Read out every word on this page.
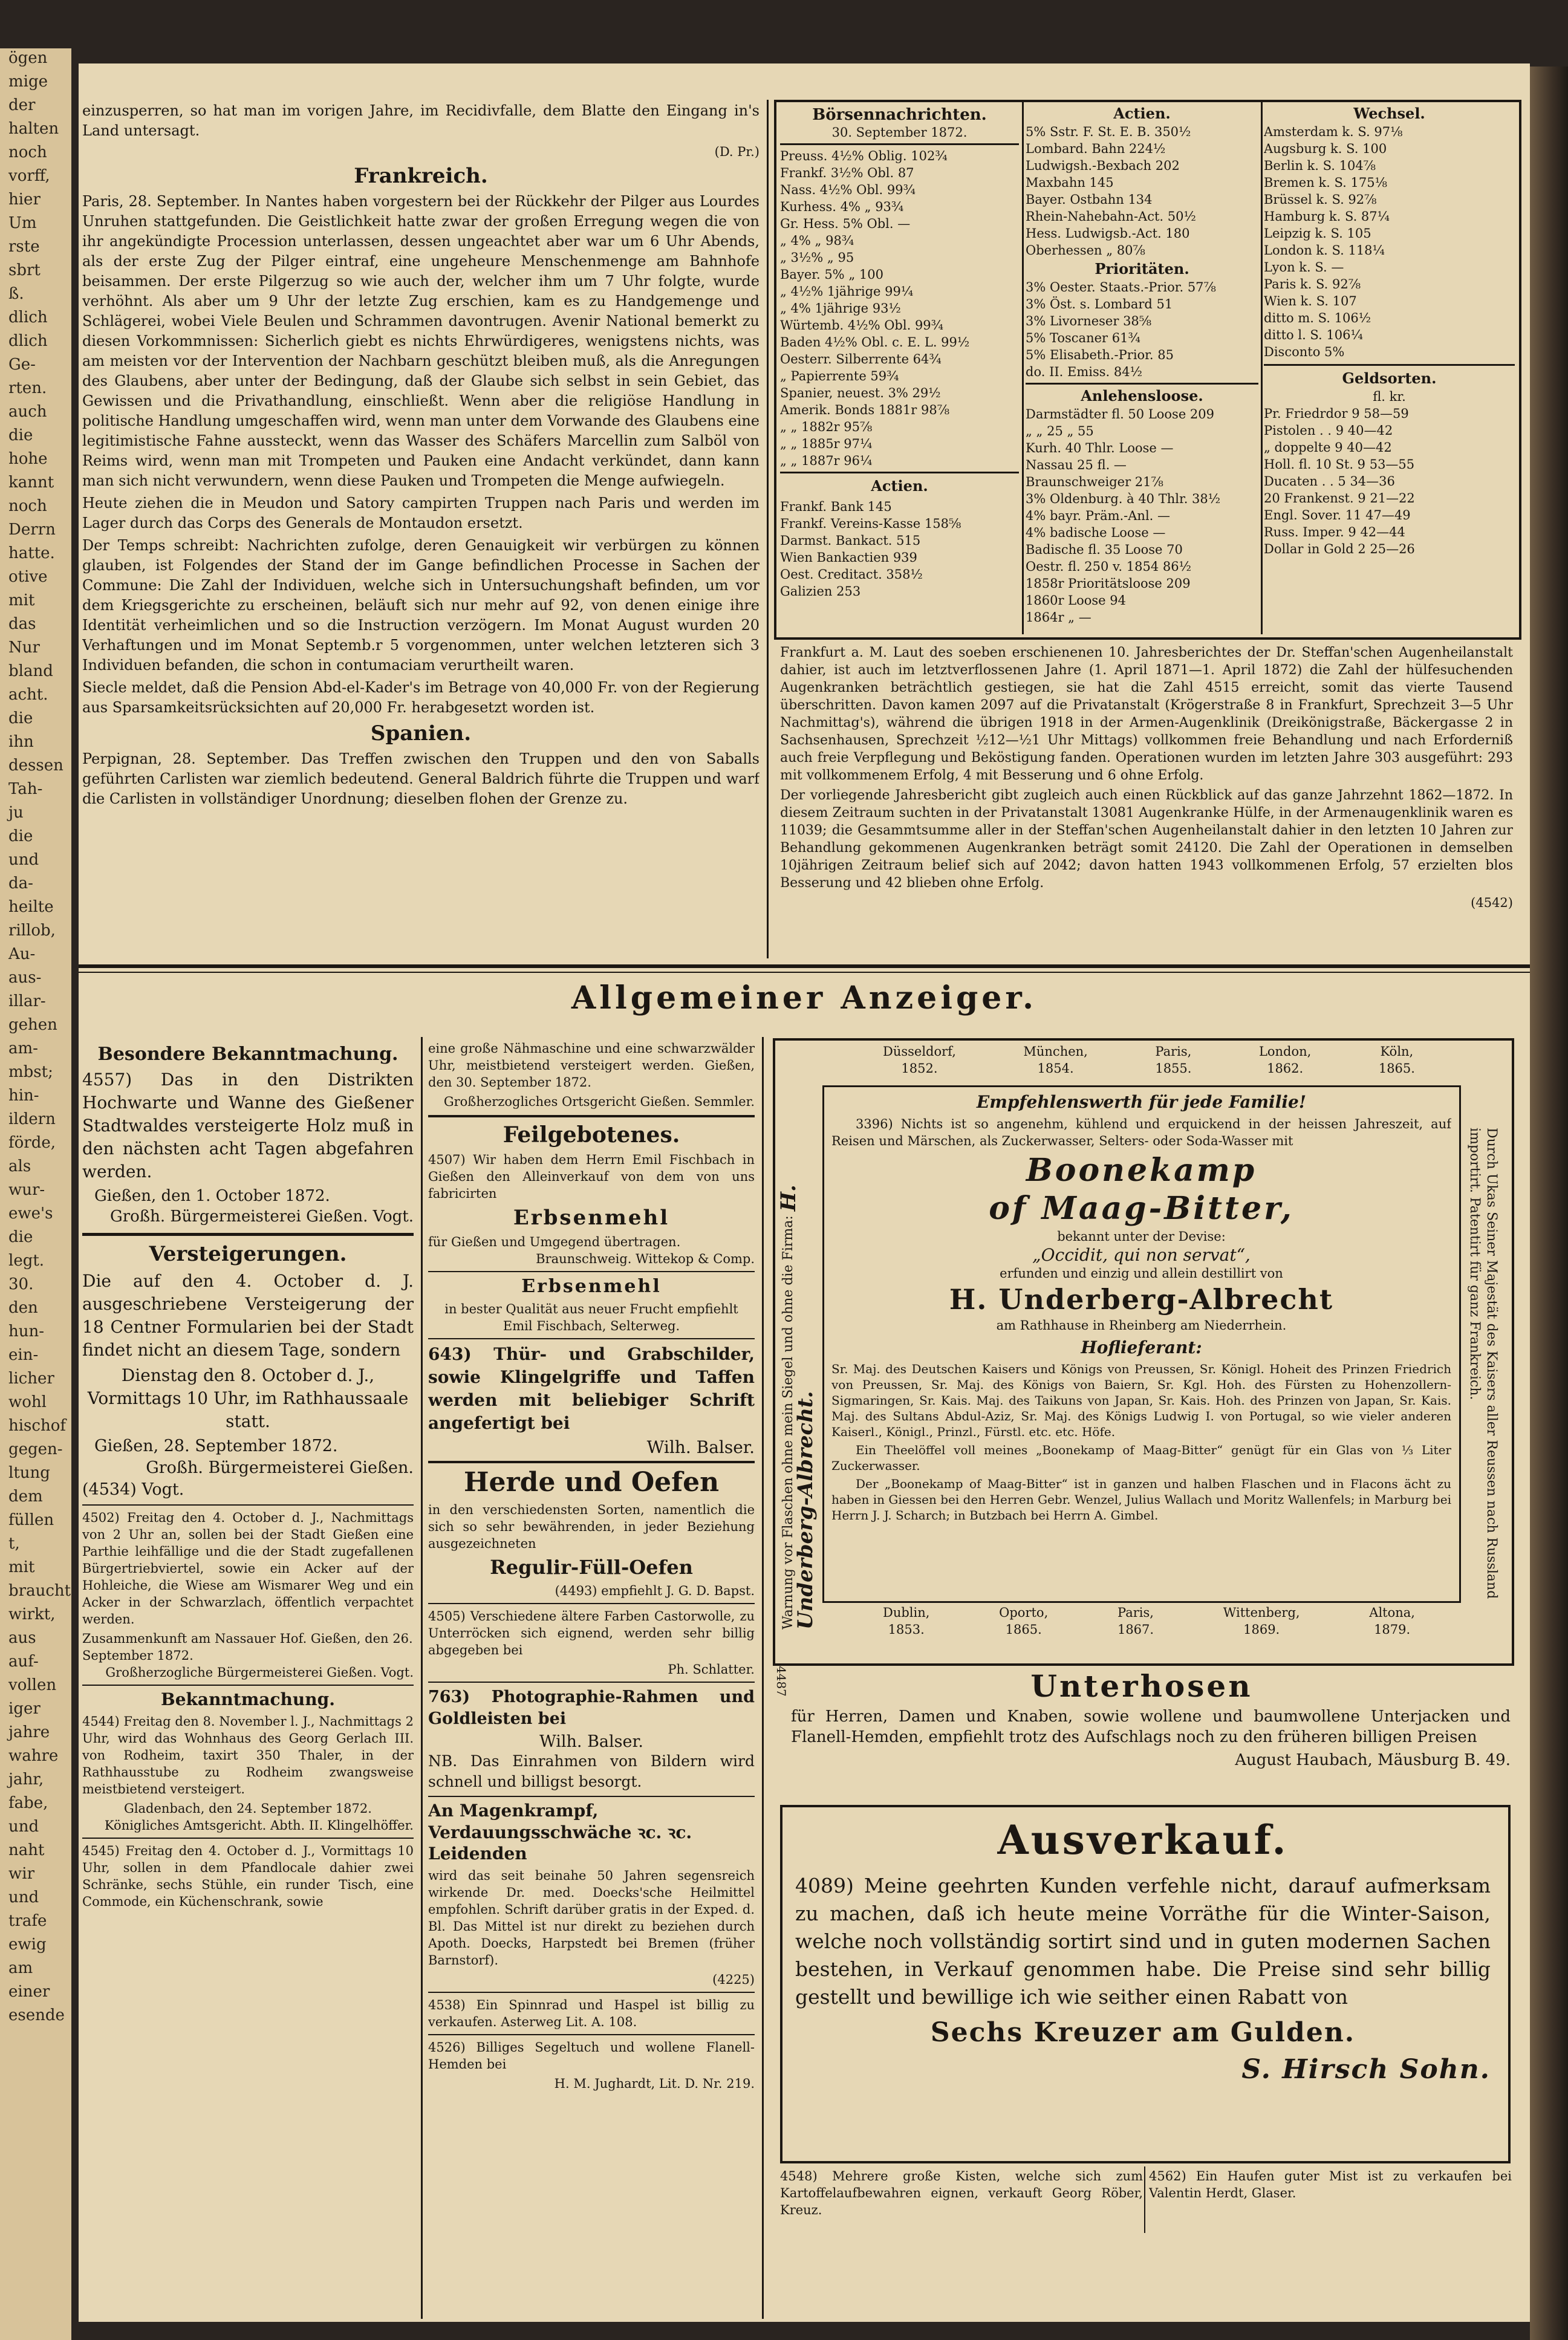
ögen
mige
der
halten
noch
vorff,
hier
Um
rste
sbrt
ß.
dlich
dlich
Ge-
rten.
auch
die
hohe
kannt
noch
Derrn
hatte.
otive
mit
das
Nur
bland
acht.
die
ihn
dessen
Tah-
ju
die
und
da-
heilte
rillob,
Au-
aus-
illar-
gehen
am-
mbst;
hin-
ildern
förde,
als
wur-
ewe's
die
legt.
30.
den
hun-
ein-
licher
wohl
hischof
gegen-
ltung
dem
füllen
t,
mit
braucht
wirkt,
aus
auf-
vollen
iger
jahre
wahre
jahr,
fabe,
und
naht
wir
und
trafe
ewig
am
einer
esende

einzusperren, so hat man im vorigen Jahre, im Recidivfalle, dem Blatte den Eingang in's Land untersagt.

(D. Pr.)
Frankreich.

Paris, 28. September. In Nantes haben vorgestern bei der Rückkehr der Pilger aus Lourdes Unruhen stattgefunden. Die Geistlichkeit hatte zwar der großen Erregung wegen die von ihr angekündigte Procession unterlassen, dessen ungeachtet aber war um 6 Uhr Abends, als der erste Zug der Pilger eintraf, eine ungeheure Menschenmenge am Bahnhofe beisammen. Der erste Pilgerzug so wie auch der, welcher ihm um 7 Uhr folgte, wurde verhöhnt. Als aber um 9 Uhr der letzte Zug erschien, kam es zu Handgemenge und Schlägerei, wobei Viele Beulen und Schrammen davontrugen. Avenir National bemerkt zu diesen Vorkommnissen: Sicherlich giebt es nichts Ehrwürdigeres, wenigstens nichts, was am meisten vor der Intervention der Nachbarn geschützt bleiben muß, als die Anregungen des Glaubens, aber unter der Bedingung, daß der Glaube sich selbst in sein Gebiet, das Gewissen und die Privathandlung, einschließt. Wenn aber die religiöse Handlung in politische Handlung umgeschaffen wird, wenn man unter dem Vorwande des Glaubens eine legitimistische Fahne aussteckt, wenn das Wasser des Schäfers Marcellin zum Salböl von Reims wird, wenn man mit Trompeten und Pauken eine Andacht verkündet, dann kann man sich nicht verwundern, wenn diese Pauken und Trompeten die Menge aufwiegeln.

Heute ziehen die in Meudon und Satory campirten Truppen nach Paris und werden im Lager durch das Corps des Generals de Montaudon ersetzt.

Der Temps schreibt: Nachrichten zufolge, deren Genauigkeit wir verbürgen zu können glauben, ist Folgendes der Stand der im Gange befindlichen Processe in Sachen der Commune: Die Zahl der Individuen, welche sich in Untersuchungshaft befinden, um vor dem Kriegsgerichte zu erscheinen, beläuft sich nur mehr auf 92, von denen einige ihre Identität verheimlichen und so die Instruction verzögern. Im Monat August wurden 20 Verhaftungen und im Monat Septemb.r 5 vorgenommen, unter welchen letzteren sich 3 Individuen befanden, die schon in contumaciam verurtheilt waren.

Siecle meldet, daß die Pension Abd-el-Kader's im Betrage von 40,000 Fr. von der Regierung aus Sparsamkeitsrücksichten auf 20,000 Fr. herabgesetzt worden ist.

Spanien.

Perpignan, 28. September. Das Treffen zwischen den Truppen und den von Saballs geführten Carlisten war ziemlich bedeutend. General Baldrich führte die Truppen und warf die Carlisten in vollständiger Unordnung; dieselben flohen der Grenze zu.

Börsennachrichten.
30. September 1872.
Preuss. 4½% Oblig. 102¾
Frankf. 3½% Obl. 87
Nass. 4½% Obl. 99¾
Kurhess. 4% „ 93¾
Gr. Hess. 5% Obl. —
„ 4% „ 98¾
„ 3½% „ 95
Bayer. 5% „ 100
„ 4½% 1jährige 99¼
„ 4% 1jährige 93½
Würtemb. 4½% Obl. 99¾
Baden 4½% Obl. c. E. L. 99½
Oesterr. Silberrente 64¾
„ Papierrente 59¾
Spanier, neuest. 3% 29½
Amerik. Bonds 1881r 98⅞
„ „ 1882r 95⅞
„ „ 1885r 97¼
„ „ 1887r 96¼
Actien.
Frankf. Bank 145
Frankf. Vereins-Kasse 158⅝
Darmst. Bankact. 515
Wien Bankactien 939
Oest. Creditact. 358½
Galizien 253
Actien.
5% Sstr. F. St. E. B. 350½
Lombard. Bahn 224½
Ludwigsh.-Bexbach 202
Maxbahn 145
Bayer. Ostbahn 134
Rhein-Nahebahn-Act. 50½
Hess. Ludwigsb.-Act. 180
Oberhessen „ 80⅞
Prioritäten.
3% Oester. Staats.-Prior. 57⅞
3% Öst. s. Lombard 51
3% Livorneser 38⅝
5% Toscaner 61¾
5% Elisabeth.-Prior. 85
do. II. Emiss. 84½
Anlehensloose.
Darmstädter fl. 50 Loose 209
„ „ 25 „ 55
Kurh. 40 Thlr. Loose —
Nassau 25 fl. —
Braunschweiger 21⅞
3% Oldenburg. à 40 Thlr. 38½
4% bayr. Präm.-Anl. —
4% badische Loose —
Badische fl. 35 Loose 70
Oestr. fl. 250 v. 1854 86½
1858r Prioritätsloose 209
1860r Loose 94
1864r „ —
Wechsel.
Amsterdam k. S. 97⅛
Augsburg k. S. 100
Berlin k. S. 104⅞
Bremen k. S. 175⅛
Brüssel k. S. 92⅞
Hamburg k. S. 87¼
Leipzig k. S. 105
London k. S. 118¼
Lyon k. S. —
Paris k. S. 92⅞
Wien k. S. 107
ditto m. S. 106½
ditto l. S. 106¼
Disconto 5%
Geldsorten.
fl. kr.
Pr. Friedrdor 9 58—59
Pistolen . . 9 40—42
„ doppelte 9 40—42
Holl. fl. 10 St. 9 53—55
Ducaten . . 5 34—36
20 Frankenst. 9 21—22
Engl. Sover. 11 47—49
Russ. Imper. 9 42—44
Dollar in Gold 2 25—26

Frankfurt a. M. Laut des soeben erschienenen 10. Jahresberichtes der Dr. Steffan'schen Augenheilanstalt dahier, ist auch im letztverflossenen Jahre (1. April 1871—1. April 1872) die Zahl der hülfesuchenden Augenkranken beträchtlich gestiegen, sie hat die Zahl 4515 erreicht, somit das vierte Tausend überschritten. Davon kamen 2097 auf die Privatanstalt (Krögerstraße 8 in Frankfurt, Sprechzeit 3—5 Uhr Nachmittag's), während die übrigen 1918 in der Armen-Augenklinik (Dreikönigstraße, Bäckergasse 2 in Sachsenhausen, Sprechzeit ½12—½1 Uhr Mittags) vollkommen freie Behandlung und nach Erforderniß auch freie Verpflegung und Beköstigung fanden. Operationen wurden im letzten Jahre 303 ausgeführt: 293 mit vollkommenem Erfolg, 4 mit Besserung und 6 ohne Erfolg.

Der vorliegende Jahresbericht gibt zugleich auch einen Rückblick auf das ganze Jahrzehnt 1862—1872. In diesem Zeitraum suchten in der Privatanstalt 13081 Augenkranke Hülfe, in der Armenaugenklinik waren es 11039; die Gesammtsumme aller in der Steffan'schen Augenheilanstalt dahier in den letzten 10 Jahren zur Behandlung gekommenen Augenkranken beträgt somit 24120. Die Zahl der Operationen in demselben 10jährigen Zeitraum belief sich auf 2042; davon hatten 1943 vollkommenen Erfolg, 57 erzielten blos Besserung und 42 blieben ohne Erfolg.

(4542)
Allgemeiner Anzeiger.
Besondere Bekanntmachung.

4557) Das in den Distrikten Hochwarte und Wanne des Gießener Stadtwaldes versteigerte Holz muß in den nächsten acht Tagen abgefahren werden.

Gießen, den 1. October 1872.
Großh. Bürgermeisterei Gießen. Vogt.
Versteigerungen.

Die auf den 4. October d. J. ausgeschriebene Versteigerung der 18 Centner Formularien bei der Stadt findet nicht an diesem Tage, sondern

Dienstag den 8. October d. J., Vormittags 10 Uhr, im Rathhaussaale statt.

Gießen, 28. September 1872.
Großh. Bürgermeisterei Gießen.
(4534) Vogt.

4502) Freitag den 4. October d. J., Nachmittags von 2 Uhr an, sollen bei der Stadt Gießen eine Parthie leihfällige und die der Stadt zugefallenen Bürgertriebviertel, sowie ein Acker auf der Hohleiche, die Wiese am Wismarer Weg und ein Acker in der Schwarzlach, öffentlich verpachtet werden.

Zusammenkunft am Nassauer Hof. Gießen, den 26. September 1872.
Großherzogliche Bürgermeisterei Gießen. Vogt.
Bekanntmachung.

4544) Freitag den 8. November l. J., Nachmittags 2 Uhr, wird das Wohnhaus des Georg Gerlach III. von Rodheim, taxirt 350 Thaler, in der Rathhausstube zu Rodheim zwangsweise meistbietend versteigert.

Gladenbach, den 24. September 1872.
Königliches Amtsgericht. Abth. II. Klingelhöffer.

4545) Freitag den 4. October d. J., Vormittags 10 Uhr, sollen in dem Pfandlocale dahier zwei Schränke, sechs Stühle, ein runder Tisch, eine Commode, ein Küchenschrank, sowie

eine große Nähmaschine und eine schwarzwälder Uhr, meistbietend versteigert werden. Gießen, den 30. September 1872.

Großherzogliches Ortsgericht Gießen. Semmler.
Feilgebotenes.

4507) Wir haben dem Herrn Emil Fischbach in Gießen den Alleinverkauf von dem von uns fabricirten

Erbsenmehl
für Gießen und Umgegend übertragen.
Braunschweig. Wittekop & Comp.
Erbsenmehl
in bester Qualität aus neuer Frucht empfiehlt Emil Fischbach, Selterweg.

643) Thür- und Grabschilder, sowie Klingelgriffe und Taffen werden mit beliebiger Schrift angefertigt bei

Wilh. Balser.
Herde und Oefen

in den verschiedensten Sorten, namentlich die sich so sehr bewährenden, in jeder Beziehung ausgezeichneten

Regulir-Füll-Oefen
(4493) empfiehlt J. G. D. Bapst.

4505) Verschiedene ältere Farben Castorwolle, zu Unterröcken sich eignend, werden sehr billig abgegeben bei

Ph. Schlatter.

763) Photographie-Rahmen und Goldleisten bei

Wilh. Balser.

NB. Das Einrahmen von Bildern wird schnell und billigst besorgt.

An Magenkrampf, Verdauungsschwäche ꝛc. ꝛc. Leidenden

wird das seit beinahe 50 Jahren segensreich wirkende Dr. med. Doecks'sche Heilmittel empfohlen. Schrift darüber gratis in der Exped. d. Bl. Das Mittel ist nur direkt zu beziehen durch Apoth. Doecks, Harpstedt bei Bremen (früher Barnstorf).

(4225)

4538) Ein Spinnrad und Haspel ist billig zu verkaufen. Asterweg Lit. A. 108.

4526) Billiges Segeltuch und wollene Flanell-Hemden bei

H. M. Jughardt, Lit. D. Nr. 219.
Düsseldorf,
1852.
München,
1854.
Paris,
1855.
London,
1862.
Köln,
1865.
Empfehlenswerth für jede Familie!

3396) Nichts ist so angenehm, kühlend und erquickend in der heissen Jahreszeit, auf Reisen und Märschen, als Zuckerwasser, Selters- oder Soda-Wasser mit

Boonekamp
of Maag-Bitter,
bekannt unter der Devise:
„Occidit, qui non servat“,
erfunden und einzig und allein destillirt von
H. Underberg-Albrecht
am Rathhause in Rheinberg am Niederrhein.
Hoflieferant:

Sr. Maj. des Deutschen Kaisers und Königs von Preussen, Sr. Königl. Hoheit des Prinzen Friedrich von Preussen, Sr. Maj. des Königs von Baiern, Sr. Kgl. Hoh. des Fürsten zu Hohenzollern-Sigmaringen, Sr. Kais. Maj. des Taikuns von Japan, Sr. Kais. Hoh. des Prinzen von Japan, Sr. Kais. Maj. des Sultans Abdul-Aziz, Sr. Maj. des Königs Ludwig I. von Portugal, so wie vieler anderen Kaiserl., Königl., Prinzl., Fürstl. etc. etc. Höfe.

Ein Theelöffel voll meines „Boonekamp of Maag-Bitter“ genügt für ein Glas von ⅓ Liter Zuckerwasser.

Der „Boonekamp of Maag-Bitter“ ist in ganzen und halben Flaschen und in Flacons ächt zu haben in Giessen bei den Herren Gebr. Wenzel, Julius Wallach und Moritz Wallenfels; in Marburg bei Herrn J. J. Scharch; in Butzbach bei Herrn A. Gimbel.

Dublin,
1853.
Oporto,
1865.
Paris,
1867.
Wittenberg,
1869.
Altona,
1879.
Warnung vor Flaschen ohne mein Siegel und ohne die Firma: H. Underberg-Albrecht.	Durch Ukas Seiner Majestät des Kaisers aller Reussen nach Russland importirt. Patentirt für ganz Frankreich.
4487	Unterhosen

für Herren, Damen und Knaben, sowie wollene und baumwollene Unterjacken und Flanell-Hemden, empfiehlt trotz des Aufschlags noch zu den früheren billigen Preisen

August Haubach, Mäusburg B. 49.
Ausverkauf.

4089) Meine geehrten Kunden verfehle nicht, darauf aufmerksam zu machen, daß ich heute meine Vorräthe für die Winter-Saison, welche noch vollständig sortirt sind und in guten modernen Sachen bestehen, in Verkauf genommen habe. Die Preise sind sehr billig gestellt und bewillige ich wie seither einen Rabatt von

Sechs Kreuzer am Gulden.
S. Hirsch Sohn.

4548) Mehrere große Kisten, welche sich zum Kartoffelaufbewahren eignen, verkauft Georg Röber, Kreuz.

4562) Ein Haufen guter Mist ist zu verkaufen bei Valentin Herdt, Glaser.
